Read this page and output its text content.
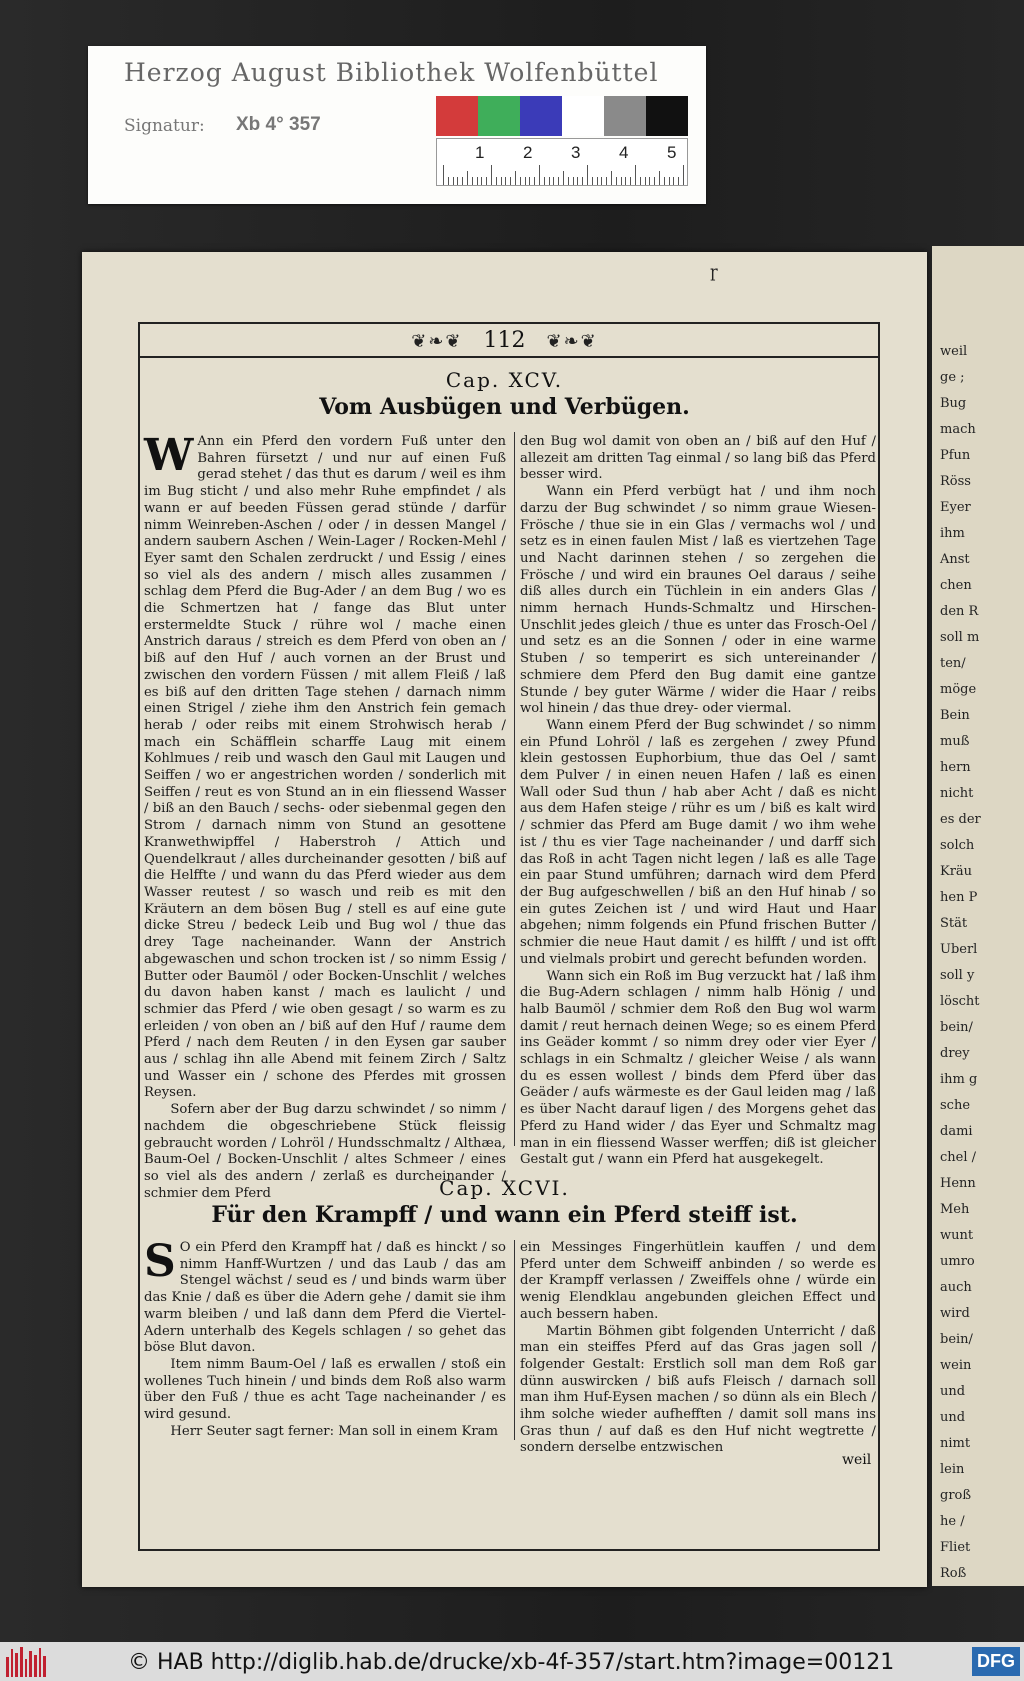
Herzog August Bibliothek Wolfenbüttel
Signatur: Xb 4° 357
1 2 3 4 5
ɼ
❦❧❦ 112 ❦❧❦
Cap. XCV.
Vom Ausbügen und Verbügen.

W Ann ein Pferd den vordern Fuß unter den Bahren fürsetzt / und nur auf einen Fuß gerad stehet / das thut es darum / weil es ihm im Bug sticht / und also mehr Ruhe empfindet / als wann er auf beeden Füssen gerad stünde / darfür nimm Weinreben-Aschen / oder / in dessen Mangel / andern saubern Aschen / Wein-Lager / Rocken-Mehl / Eyer samt den Schalen zerdruckt / und Essig / eines so viel als des andern / misch alles zusammen / schlag dem Pferd die Bug-Ader / an dem Bug / wo es die Schmertzen hat / fange das Blut unter erstermeldte Stuck / rühre wol / mache einen Anstrich daraus / streich es dem Pferd von oben an / biß auf den Huf / auch vornen an der Brust und zwischen den vordern Füssen / mit allem Fleiß / laß es biß auf den dritten Tage stehen / darnach nimm einen Strigel / ziehe ihm den Anstrich fein gemach herab / oder reibs mit einem Strohwisch herab / mach ein Schäfflein scharffe Laug mit einem Kohlmues / reib und wasch den Gaul mit Laugen und Seiffen / wo er angestrichen worden / sonderlich mit Seiffen / reut es von Stund an in ein fliessend Wasser / biß an den Bauch / sechs- oder siebenmal gegen den Strom / darnach nimm von Stund an gesottene Kranwethwipffel / Haberstroh / Attich und Quendelkraut / alles durcheinander gesotten / biß auf die Helffte / und wann du das Pferd wieder aus dem Wasser reutest / so wasch und reib es mit den Kräutern an dem bösen Bug / stell es auf eine gute dicke Streu / bedeck Leib und Bug wol / thue das drey Tage nacheinander. Wann der Anstrich abgewaschen und schon trocken ist / so nimm Essig / Butter oder Baumöl / oder Bocken-Unschlit / welches du davon haben kanst / mach es laulicht / und schmier das Pferd / wie oben gesagt / so warm es zu erleiden / von oben an / biß auf den Huf / raume dem Pferd / nach dem Reuten / in den Eysen gar sauber aus / schlag ihn alle Abend mit feinem Zirch / Saltz und Wasser ein / schone des Pferdes mit grossen Reysen.

Sofern aber der Bug darzu schwindet / so nimm / nachdem die obgeschriebene Stück fleissig gebraucht worden / Lohröl / Hundsschmaltz / Althæa, Baum-Oel / Bocken-Unschlit / altes Schmeer / eines so viel als des andern / zerlaß es durcheinander / schmier dem Pferd

den Bug wol damit von oben an / biß auf den Huf / allezeit am dritten Tag einmal / so lang biß das Pferd besser wird.

Wann ein Pferd verbügt hat / und ihm noch darzu der Bug schwindet / so nimm graue Wiesen-Frösche / thue sie in ein Glas / vermachs wol / und setz es in einen faulen Mist / laß es viertzehen Tage und Nacht darinnen stehen / so zergehen die Frösche / und wird ein braunes Oel daraus / seihe diß alles durch ein Tüchlein in ein anders Glas / nimm hernach Hunds-Schmaltz und Hirschen-Unschlit jedes gleich / thue es unter das Frosch-Oel / und setz es an die Sonnen / oder in eine warme Stuben / so temperirt es sich untereinander / schmiere dem Pferd den Bug damit eine gantze Stunde / bey guter Wärme / wider die Haar / reibs wol hinein / das thue drey- oder viermal.

Wann einem Pferd der Bug schwindet / so nimm ein Pfund Lohröl / laß es zergehen / zwey Pfund klein gestossen Euphorbium, thue das Oel / samt dem Pulver / in einen neuen Hafen / laß es einen Wall oder Sud thun / hab aber Acht / daß es nicht aus dem Hafen steige / rühr es um / biß es kalt wird / schmier das Pferd am Buge damit / wo ihm wehe ist / thu es vier Tage nacheinander / und darff sich das Roß in acht Tagen nicht legen / laß es alle Tage ein paar Stund umführen; darnach wird dem Pferd der Bug aufgeschwellen / biß an den Huf hinab / so ein gutes Zeichen ist / und wird Haut und Haar abgehen; nimm folgends ein Pfund frischen Butter / schmier die neue Haut damit / es hilfft / und ist offt und vielmals probirt und gerecht befunden worden.

Wann sich ein Roß im Bug verzuckt hat / laß ihm die Bug-Adern schlagen / nimm halb Hönig / und halb Baumöl / schmier dem Roß den Bug wol warm damit / reut hernach deinen Wege; so es einem Pferd ins Geäder kommt / so nimm drey oder vier Eyer / schlags in ein Schmaltz / gleicher Weise / als wann du es essen wollest / binds dem Pferd über das Geäder / aufs wärmeste es der Gaul leiden mag / laß es über Nacht darauf ligen / des Morgens gehet das Pferd zu Hand wider / das Eyer und Schmaltz mag man in ein fliessend Wasser werffen; diß ist gleicher Gestalt gut / wann ein Pferd hat ausgekegelt.

Cap. XCVI.
Für den Krampff / und wann ein Pferd steiff ist.

S O ein Pferd den Krampff hat / daß es hinckt / so nimm Hanff-Wurtzen / und das Laub / das am Stengel wächst / seud es / und binds warm über das Knie / daß es über die Adern gehe / damit sie ihm warm bleiben / und laß dann dem Pferd die Viertel-Adern unterhalb des Kegels schlagen / so gehet das böse Blut davon.

Item nimm Baum-Oel / laß es erwallen / stoß ein wollenes Tuch hinein / und binds dem Roß also warm über den Fuß / thue es acht Tage nacheinander / es wird gesund.

Herr Seuter sagt ferner: Man soll in einem Kram

ein Messinges Fingerhütlein kauffen / und dem Pferd unter dem Schweiff anbinden / so werde es der Krampff verlassen / Zweiffels ohne / würde ein wenig Elendklau angebunden gleichen Effect und auch bessern haben.

Martin Böhmen gibt folgenden Unterricht / daß man ein steiffes Pferd auf das Gras jagen soll / folgender Gestalt: Erstlich soll man dem Roß gar dünn auswircken / biß aufs Fleisch / darnach soll man ihm Huf-Eysen machen / so dünn als ein Blech / ihm solche wieder aufhefften / damit soll mans ins Gras thun / auf daß es den Huf nicht wegtrette / sondern derselbe entzwischen

weil
weil
ge ;
Bug
mach
Pfun
Röss
Eyer
ihm
Anst
chen
den R
soll m
ten/
möge
Bein
muß
hern
nicht
es der
solch
Kräu
hen P
Stät
Uberl
soll y
löscht
bein/
drey
ihm g
sche
dami
chel /
Henn
Meh
wunt
umro
auch
wird
bein/
wein
und
und
nimt
lein
groß
he /
Fliet
Roß
© HAB http://diglib.hab.de/drucke/xb-4f-357/start.htm?image=00121	DFG
